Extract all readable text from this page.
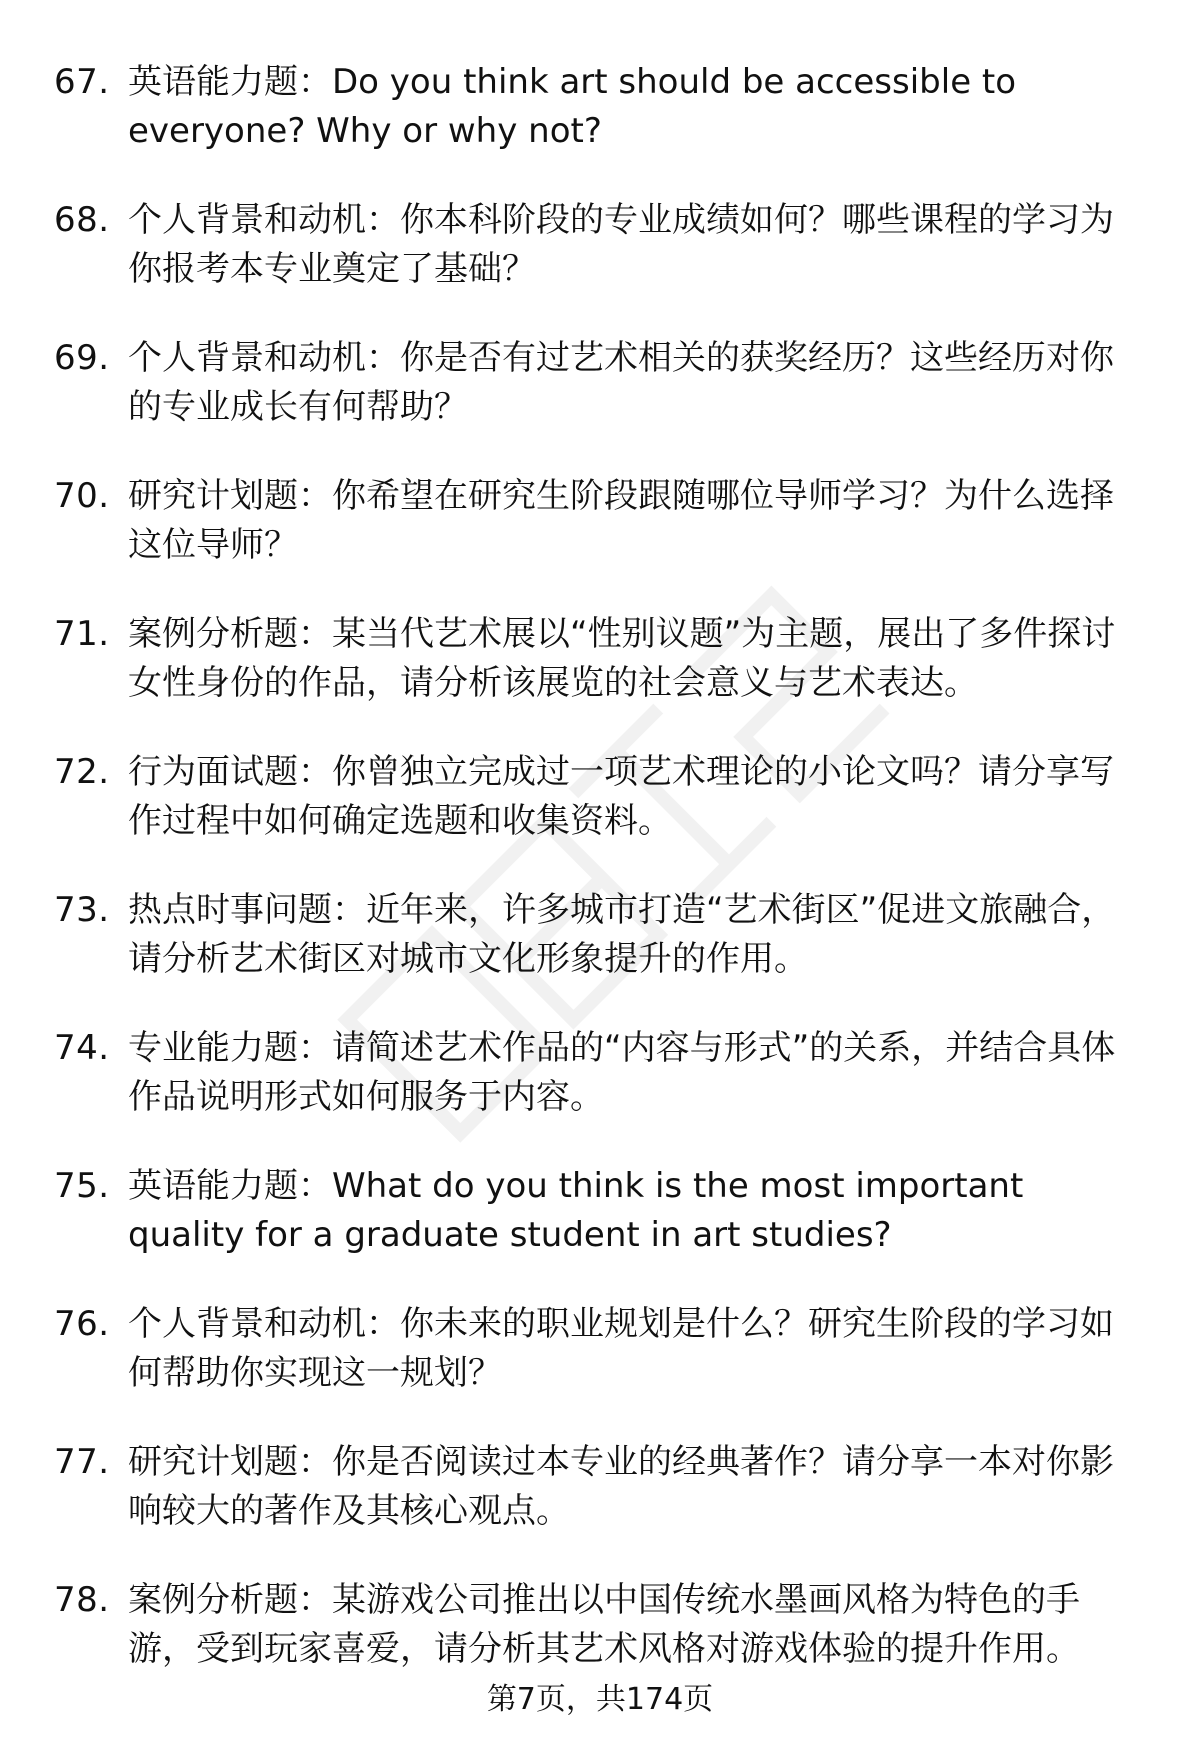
67. 英语能力题：Do you think art should be accessible to everyone? Why or why not?
68. 个人背景和动机：你本科阶段的专业成绩如何？哪些课程的学习为你报考本专业奠定了基础？
69. 个人背景和动机：你是否有过艺术相关的获奖经历？这些经历对你的专业成长有何帮助？
70. 研究计划题：你希望在研究生阶段跟随哪位导师学习？为什么选择这位导师？
71. 案例分析题：某当代艺术展以“性别议题”为主题，展出了多件探讨女性身份的作品，请分析该展览的社会意义与艺术表达。
72. 行为面试题：你曾独立完成过一项艺术理论的小论文吗？请分享写作过程中如何确定选题和收集资料。
73. 热点时事问题：近年来，许多城市打造“艺术街区”促进文旅融合，请分析艺术街区对城市文化形象提升的作用。
74. 专业能力题：请简述艺术作品的“内容与形式”的关系，并结合具体作品说明形式如何服务于内容。
75. 英语能力题：What do you think is the most important quality for a graduate student in art studies?
76. 个人背景和动机：你未来的职业规划是什么？研究生阶段的学习如何帮助你实现这一规划？
77. 研究计划题：你是否阅读过本专业的经典著作？请分享一本对你影响较大的著作及其核心观点。
78. 案例分析题：某游戏公司推出以中国传统水墨画风格为特色的手游，受到玩家喜爱，请分析其艺术风格对游戏体验的提升作用。
第7页，共174页
